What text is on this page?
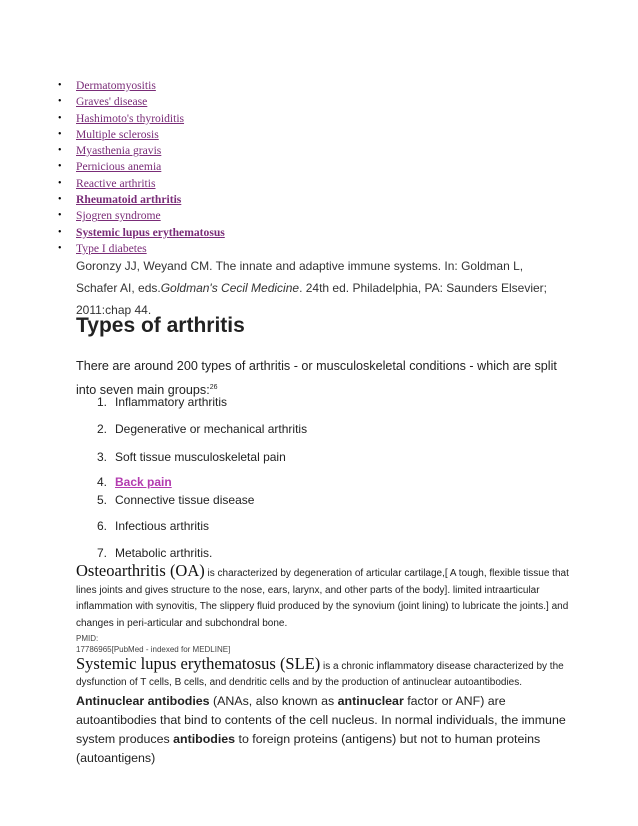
• Dermatomyositis
• Graves' disease
• Hashimoto's thyroiditis
• Multiple sclerosis
• Myasthenia gravis
• Pernicious anemia
• Reactive arthritis
• Rheumatoid arthritis
• Sjogren syndrome
• Systemic lupus erythematosus
• Type I diabetes
Goronzy JJ, Weyand CM. The innate and adaptive immune systems. In: Goldman L, Schafer AI, eds.Goldman's Cecil Medicine. 24th ed. Philadelphia, PA: Saunders Elsevier; 2011:chap 44.
Types of arthritis
There are around 200 types of arthritis - or musculoskeletal conditions - which are split into seven main groups:$^{26}$
1. Inflammatory arthritis
2. Degenerative or mechanical arthritis
3. Soft tissue musculoskeletal pain
4. Back pain
5. Connective tissue disease
6. Infectious arthritis
7. Metabolic arthritis.
Osteoarthritis (OA) is characterized by degeneration of articular cartilage,[ A tough, flexible tissue that lines joints and gives structure to the nose, ears, larynx, and other parts of the body]. limited intraarticular inflammation with synovitis, The slippery fluid produced by the synovium (joint lining) to lubricate the joints.] and changes in peri-articular and subchondral bone.
PMID:
17786965[PubMed - indexed for MEDLINE]
Systemic lupus erythematosus (SLE) is a chronic inflammatory disease characterized by the dysfunction of T cells, B cells, and dendritic cells and by the production of antinuclear autoantibodies.
Antinuclear antibodies (ANAs, also known as antinuclear factor or ANF) are autoantibodies that bind to contents of the cell nucleus. In normal individuals, the immune system produces antibodies to foreign proteins (antigens) but not to human proteins (autoantigens)
